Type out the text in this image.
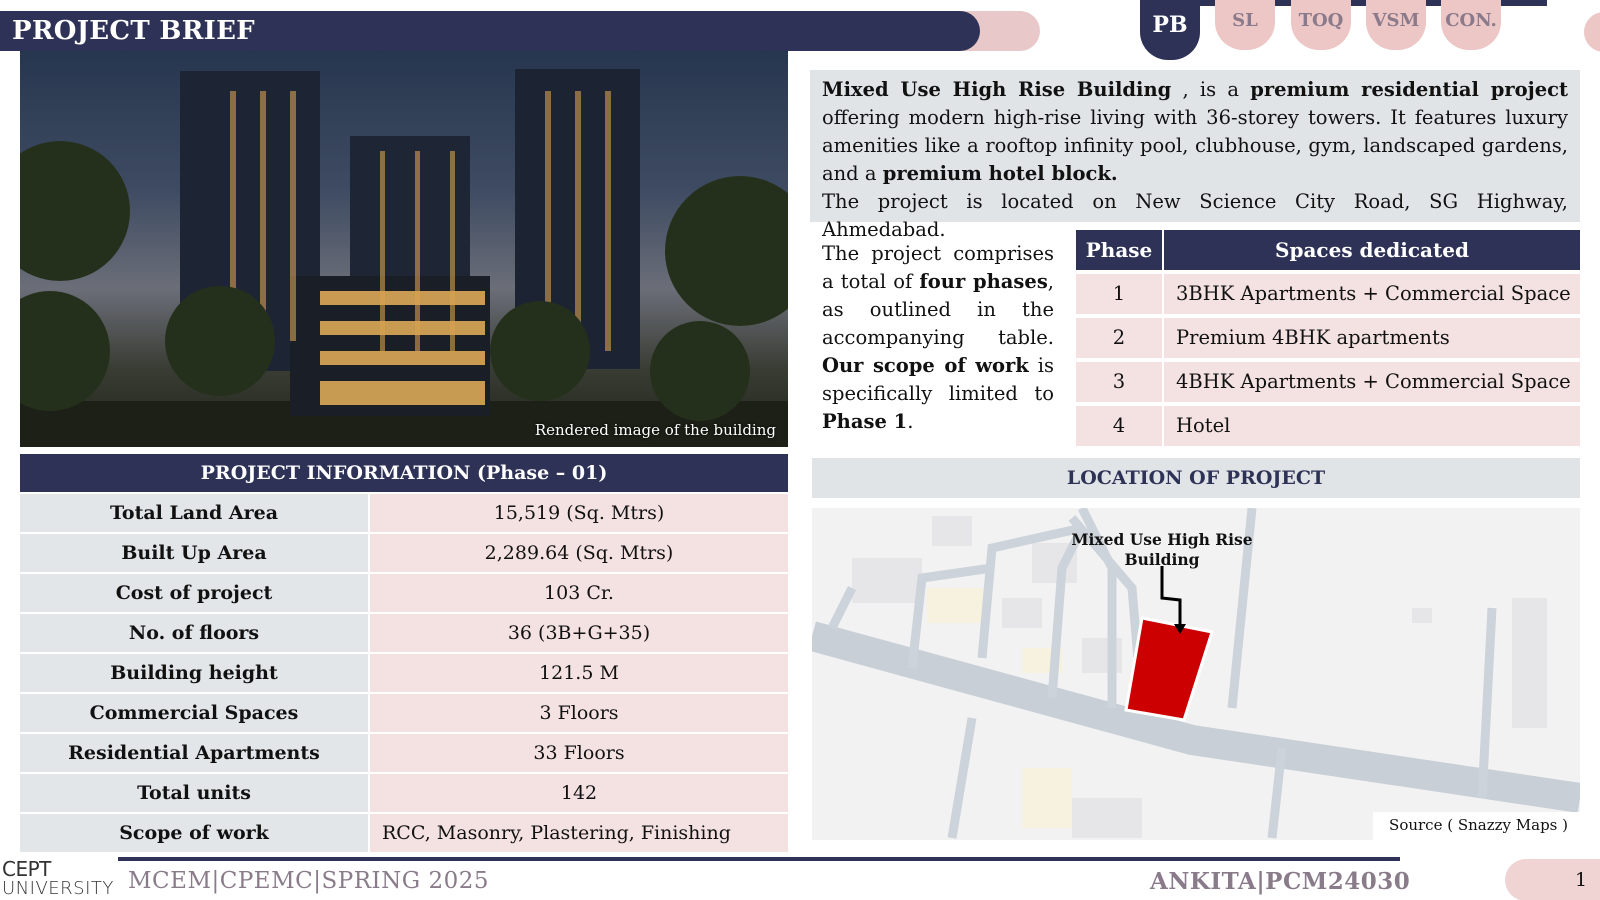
PROJECT BRIEF	PB	SL	TOQ	VSM	CON.
Rendered image of the building
PROJECT INFORMATION (Phase – 01)
Total Land Area	15,519 (Sq. Mtrs)
Built Up Area	2,289.64 (Sq. Mtrs)
Cost of project	103 Cr.
No. of floors	36 (3B+G+35)
Building height	121.5 M
Commercial Spaces	3 Floors
Residential Apartments	33 Floors
Total units	142
Scope of work	RCC, Masonry, Plastering, Finishing
Mixed Use High Rise Building , is a premium residential project offering modern high-rise living with 36-storey towers. It features luxury amenities like a rooftop infinity pool, clubhouse, gym, landscaped gardens, and a premium hotel block.
The project is located on New Science City Road, SG Highway, Ahmedabad.
The project comprises a total of four phases, as outlined in the accompanying table. Our scope of work is specifically limited to Phase 1.
Phase	Spaces dedicated
1	3BHK Apartments + Commercial Space
2	Premium 4BHK apartments
3	4BHK Apartments + Commercial Space
4	Hotel
LOCATION OF PROJECT
Mixed Use High Rise Building
Source ( Snazzy Maps )
CEPT
UNIVERSITY MCEM|CPEMC|SPRING 2025	ANKITA|PCM24030	1
